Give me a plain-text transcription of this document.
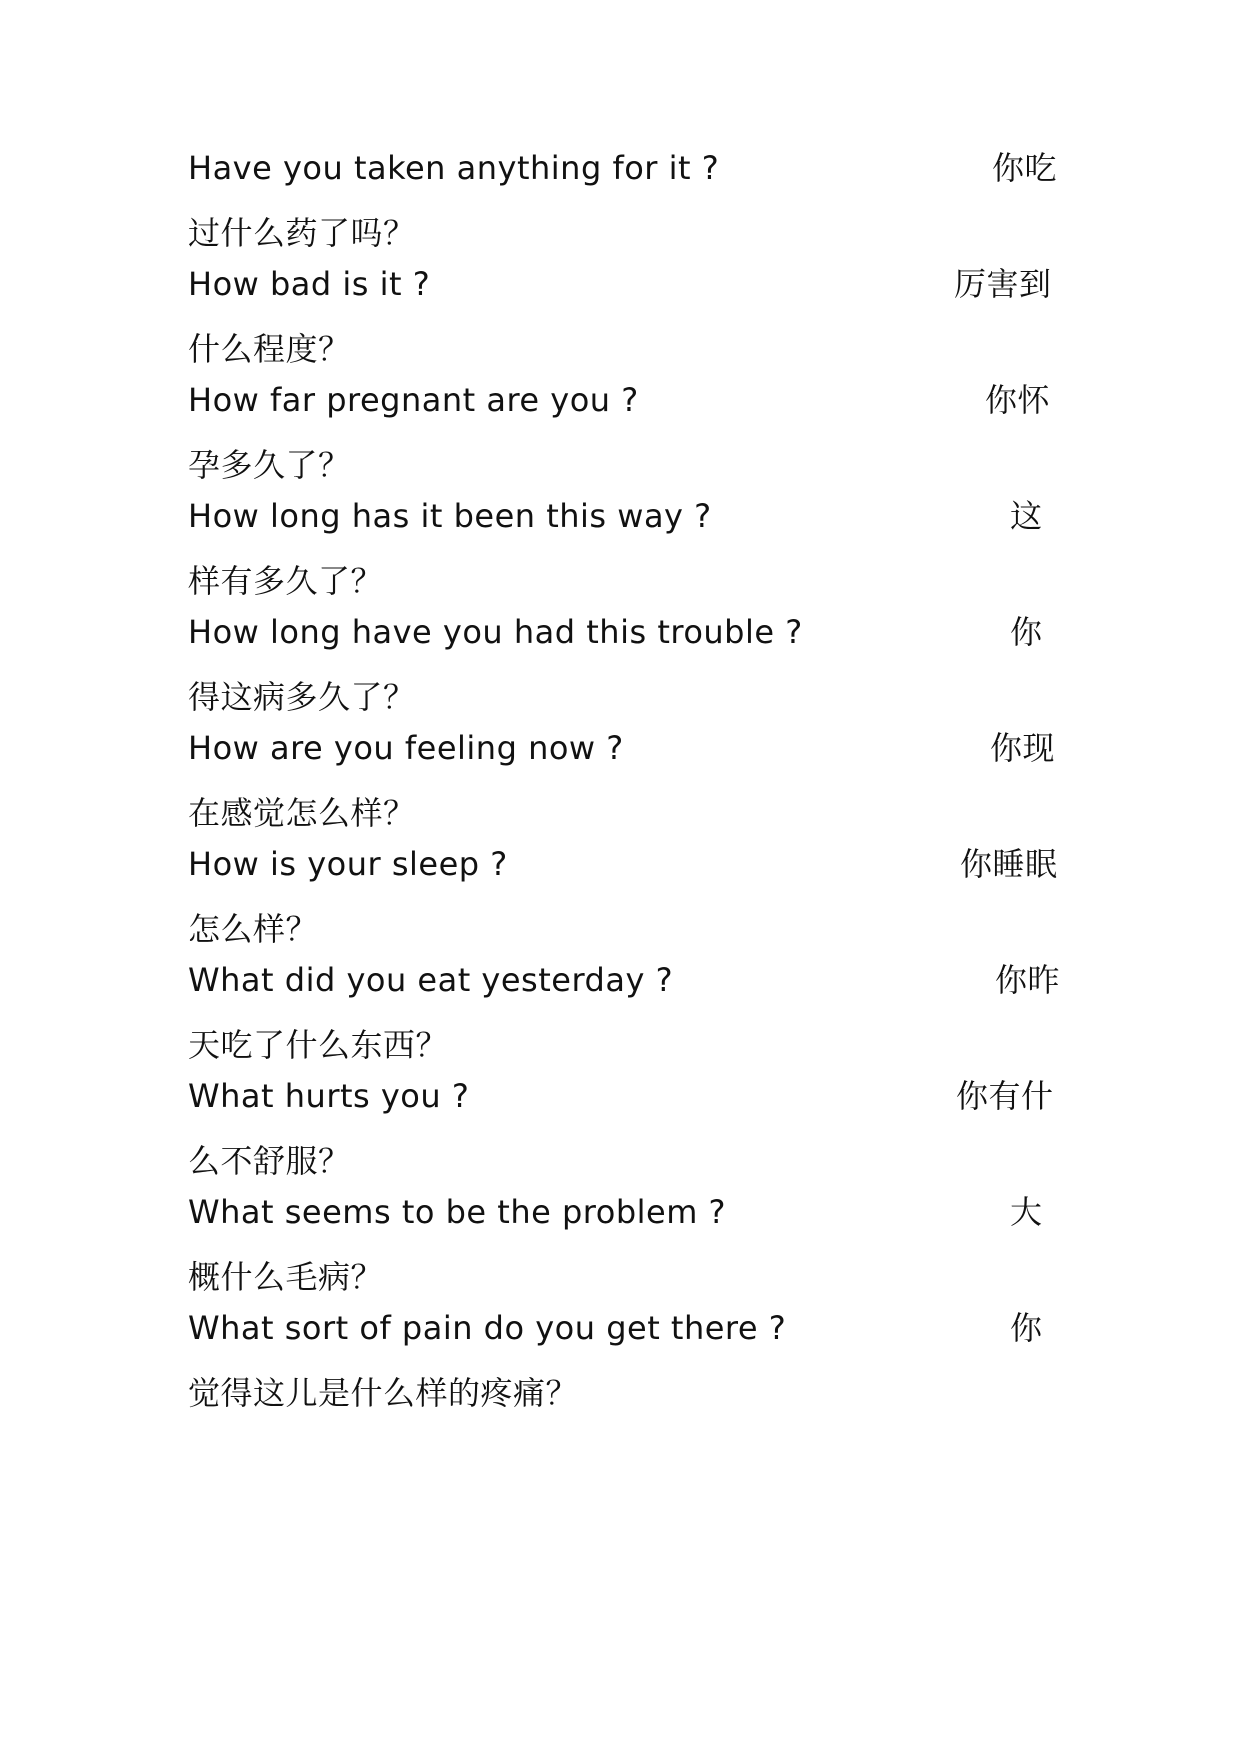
Have you taken anything for it ?	你吃
过什么药了吗？
How bad is it ?	厉害到
什么程度？
How far pregnant are you ?	你怀
孕多久了？
How long has it been this way ?	这
样有多久了？
How long have you had this trouble ?	你
得这病多久了？
How are you feeling now ?	你现
在感觉怎么样？
How is your sleep ?	你睡眠
怎么样？
What did you eat yesterday ?	你昨
天吃了什么东西？
What hurts you ?	你有什
么不舒服？
What seems to be the problem ?	大
概什么毛病？
What sort of pain do you get there ?	你
觉得这儿是什么样的疼痛？
